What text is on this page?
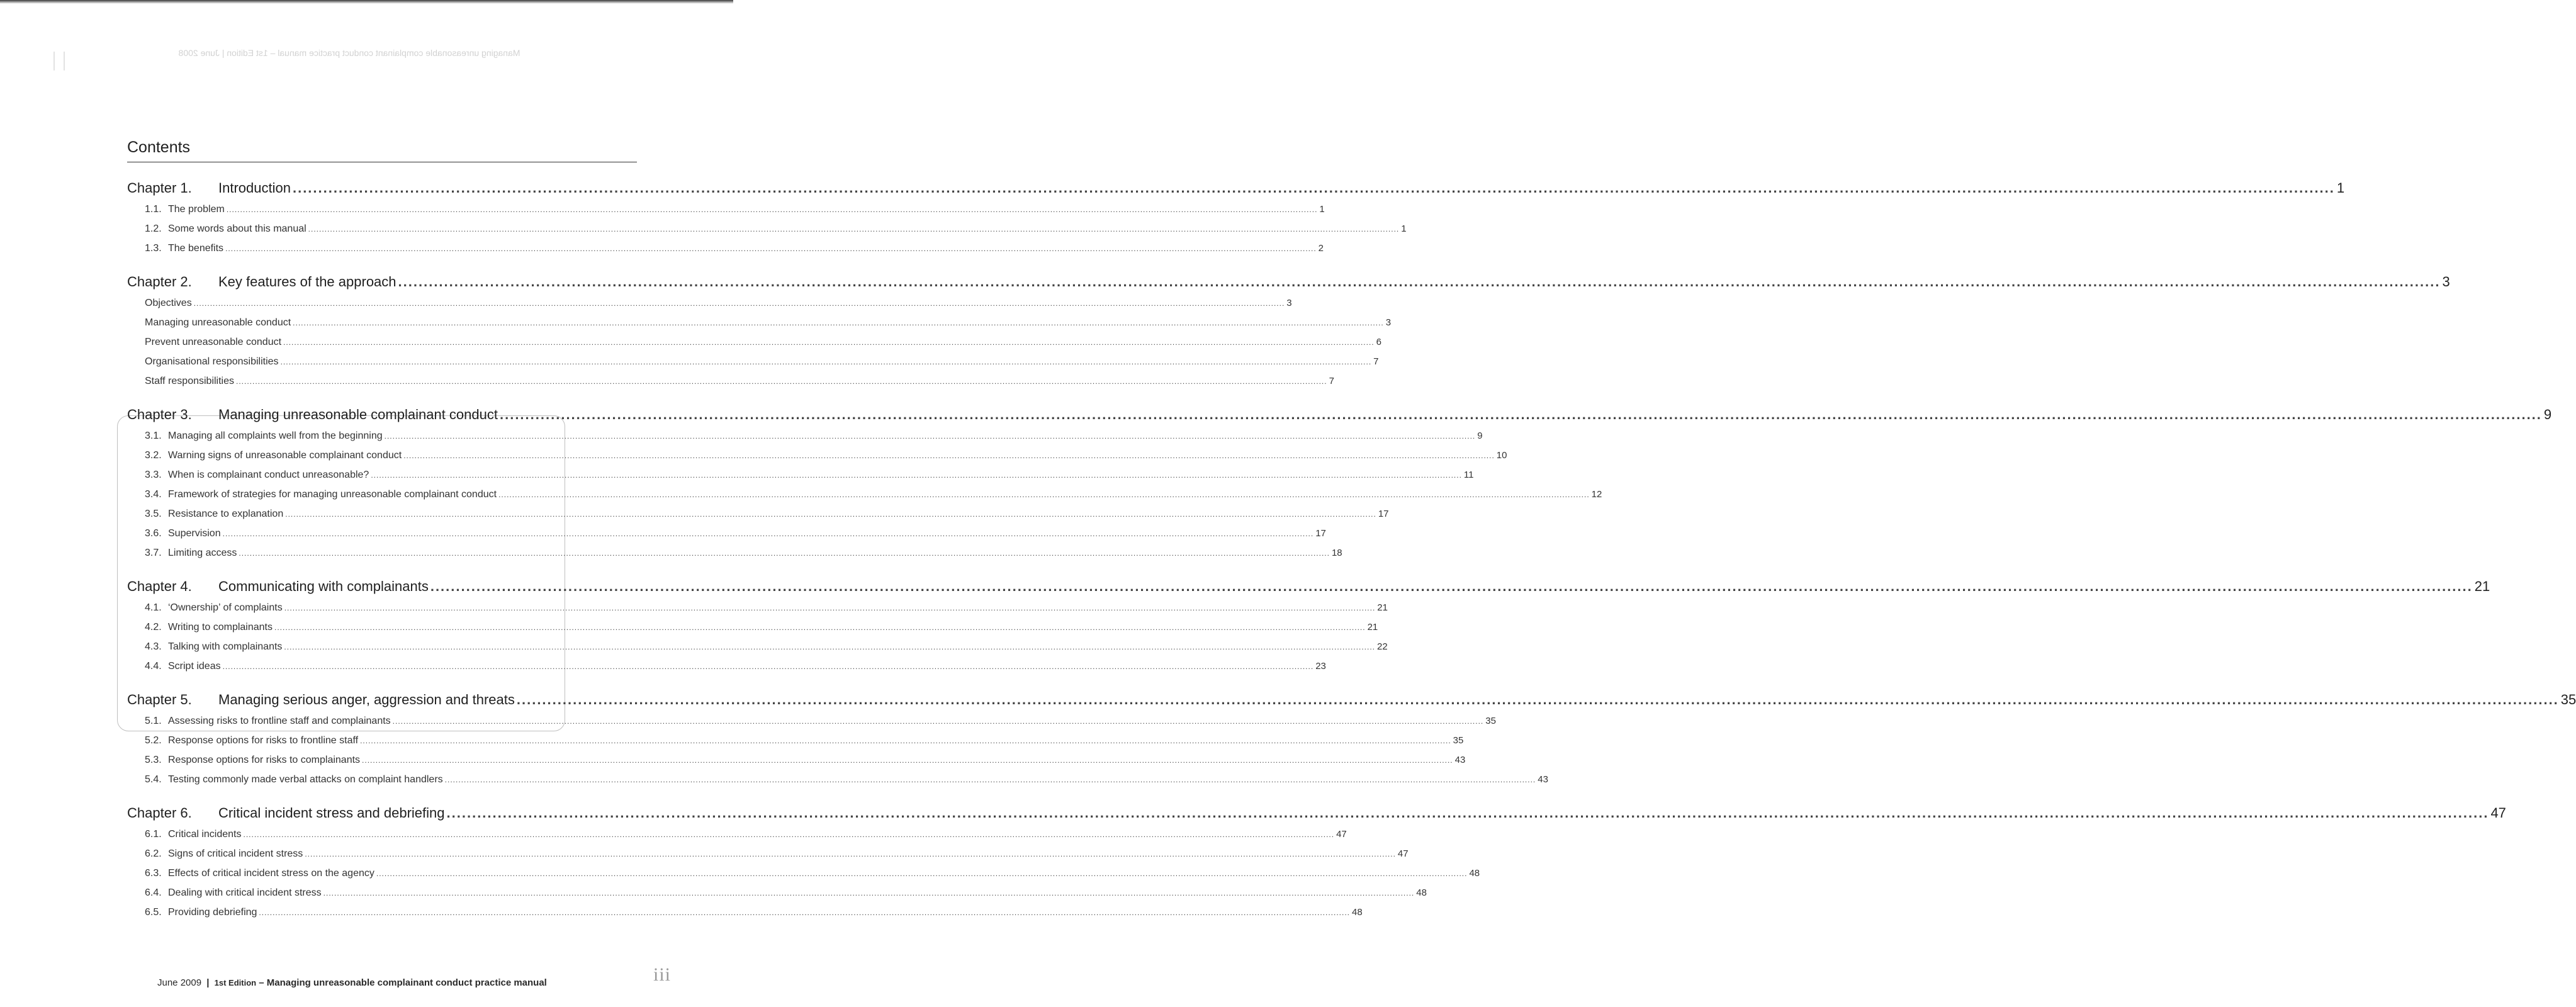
Managing unreasonable complainant conduct practice manual – 1st Edition | June 2008
Contents
Chapter 1.	Introduction ................................................................................................................................................................................................................................................................................................................................................................................................................ 1
1.1. The problem ................................................................................................................................................................................................................................................................................................................................................................................................................ 1
1.2. Some words about this manual ................................................................................................................................................................................................................................................................................................................................................................................................................ 1
1.3. The benefits ................................................................................................................................................................................................................................................................................................................................................................................................................ 2
Chapter 2.	Key features of the approach ................................................................................................................................................................................................................................................................................................................................................................................................................ 3
Objectives ................................................................................................................................................................................................................................................................................................................................................................................................................ 3
Managing unreasonable conduct ................................................................................................................................................................................................................................................................................................................................................................................................................ 3
Prevent unreasonable conduct ................................................................................................................................................................................................................................................................................................................................................................................................................ 6
Organisational responsibilities ................................................................................................................................................................................................................................................................................................................................................................................................................ 7
Staff responsibilities ................................................................................................................................................................................................................................................................................................................................................................................................................ 7
Chapter 3.	Managing unreasonable complainant conduct ................................................................................................................................................................................................................................................................................................................................................................................................................ 9
3.1. Managing all complaints well from the beginning ................................................................................................................................................................................................................................................................................................................................................................................................................ 9
3.2. Warning signs of unreasonable complainant conduct ................................................................................................................................................................................................................................................................................................................................................................................................................ 10
3.3. When is complainant conduct unreasonable? ................................................................................................................................................................................................................................................................................................................................................................................................................ 11
3.4. Framework of strategies for managing unreasonable complainant conduct ................................................................................................................................................................................................................................................................................................................................................................................................................ 12
3.5. Resistance to explanation ................................................................................................................................................................................................................................................................................................................................................................................................................ 17
3.6. Supervision ................................................................................................................................................................................................................................................................................................................................................................................................................ 17
3.7. Limiting access ................................................................................................................................................................................................................................................................................................................................................................................................................ 18
Chapter 4.	Communicating with complainants ................................................................................................................................................................................................................................................................................................................................................................................................................ 21
4.1. ‘Ownership’ of complaints ................................................................................................................................................................................................................................................................................................................................................................................................................ 21
4.2. Writing to complainants ................................................................................................................................................................................................................................................................................................................................................................................................................ 21
4.3. Talking with complainants ................................................................................................................................................................................................................................................................................................................................................................................................................ 22
4.4. Script ideas ................................................................................................................................................................................................................................................................................................................................................................................................................ 23
Chapter 5.	Managing serious anger, aggression and threats ................................................................................................................................................................................................................................................................................................................................................................................................................ 35
5.1. Assessing risks to frontline staff and complainants ................................................................................................................................................................................................................................................................................................................................................................................................................ 35
5.2. Response options for risks to frontline staff ................................................................................................................................................................................................................................................................................................................................................................................................................ 35
5.3. Response options for risks to complainants ................................................................................................................................................................................................................................................................................................................................................................................................................ 43
5.4. Testing commonly made verbal attacks on complaint handlers ................................................................................................................................................................................................................................................................................................................................................................................................................ 43
Chapter 6.	Critical incident stress and debriefing ................................................................................................................................................................................................................................................................................................................................................................................................................ 47
6.1. Critical incidents ................................................................................................................................................................................................................................................................................................................................................................................................................ 47
6.2. Signs of critical incident stress ................................................................................................................................................................................................................................................................................................................................................................................................................ 47
6.3. Effects of critical incident stress on the agency ................................................................................................................................................................................................................................................................................................................................................................................................................ 48
6.4. Dealing with critical incident stress ................................................................................................................................................................................................................................................................................................................................................................................................................ 48
6.5. Providing debriefing ................................................................................................................................................................................................................................................................................................................................................................................................................ 48
June 2009 | 1st Edition – Managing unreasonable complainant conduct practice manual	iii
